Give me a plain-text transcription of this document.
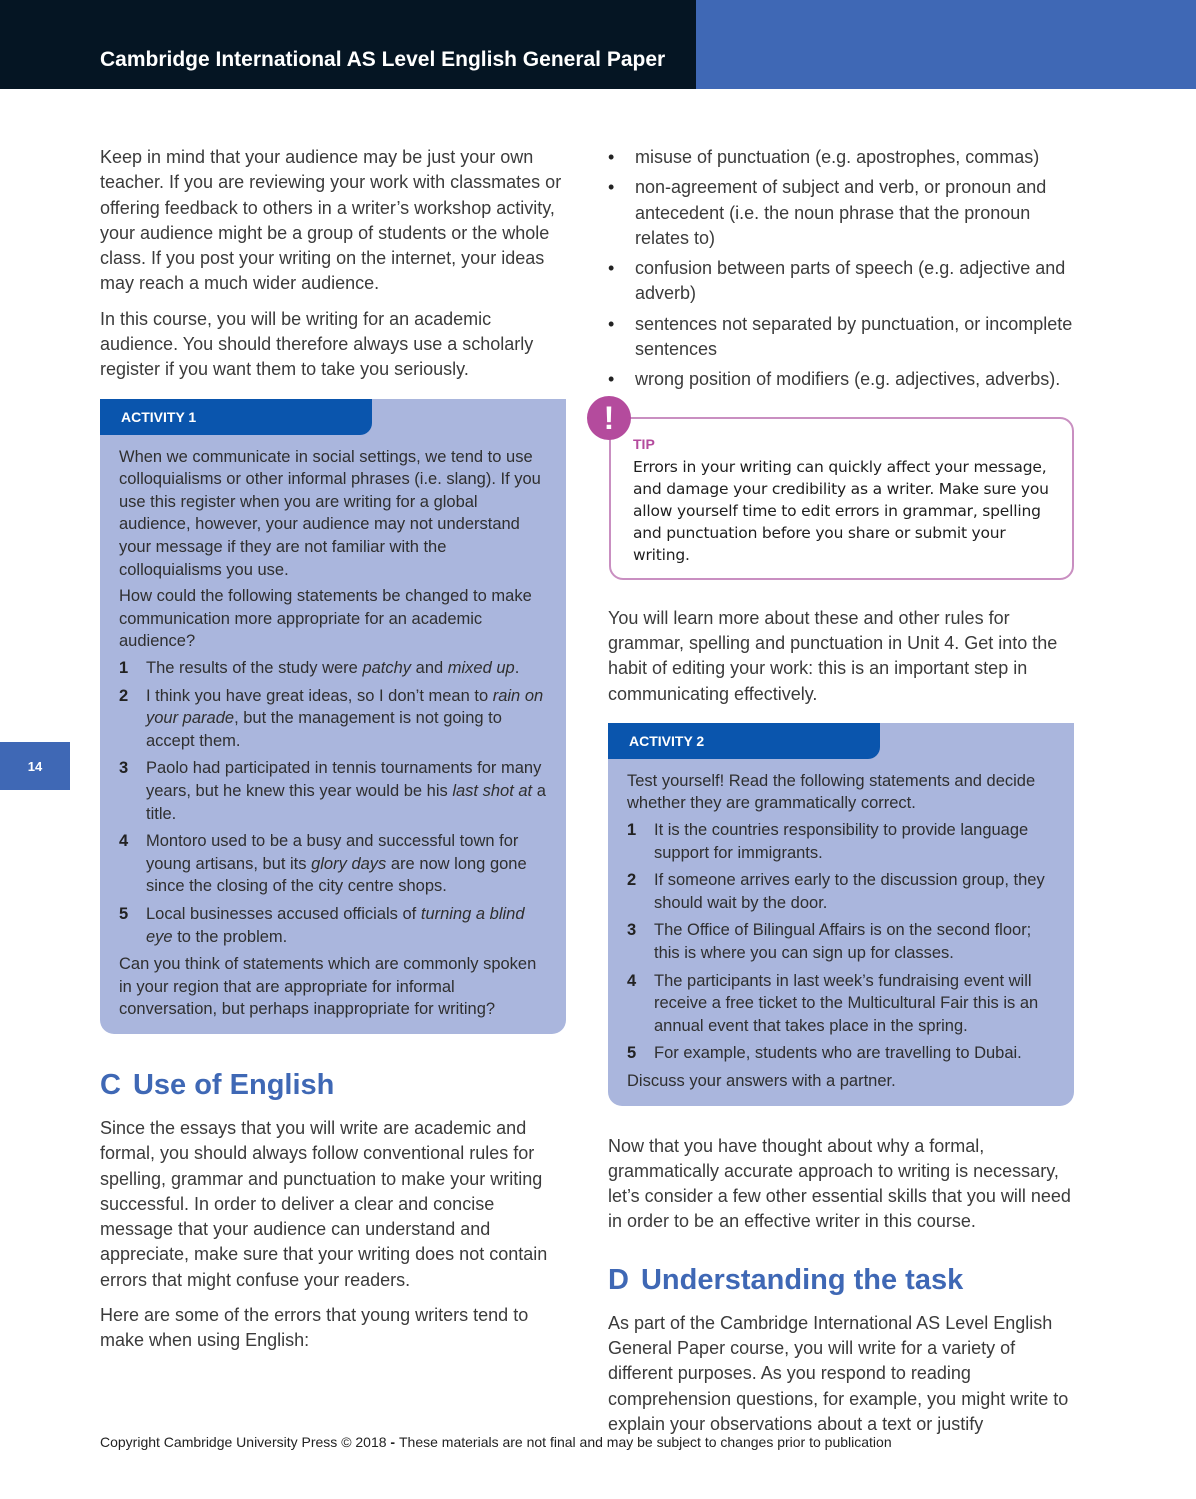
Cambridge International AS Level English General Paper
14

Keep in mind that your audience may be just your own teacher. If you are reviewing your work with classmates or offering feedback to others in a writer’s workshop activity, your audience might be a group of students or the whole class. If you post your writing on the internet, your ideas may reach a much wider audience.

In this course, you will be writing for an academic audience. You should therefore always use a scholarly register if you want them to take you seriously.

ACTIVITY 1

When we communicate in social settings, we tend to use colloquialisms or other informal phrases (i.e. slang). If you use this register when you are writing for a global audience, however, your audience may not understand your message if they are not familiar with the colloquialisms you use.

How could the following statements be changed to make communication more appropriate for an academic audience?

1 The results of the study were patchy and mixed up.
2 I think you have great ideas, so I don’t mean to rain on your parade, but the management is not going to accept them.
3 Paolo had participated in tennis tournaments for many years, but he knew this year would be his last shot at a title.
4 Montoro used to be a busy and successful town for young artisans, but its glory days are now long gone since the closing of the city centre shops.
5 Local businesses accused officials of turning a blind eye to the problem.

Can you think of statements which are commonly spoken in your region that are appropriate for informal conversation, but perhaps inappropriate for writing?

C Use of English

Since the essays that you will write are academic and formal, you should always follow conventional rules for spelling, grammar and punctuation to make your writing successful. In order to deliver a clear and concise message that your audience can understand and appreciate, make sure that your writing does not contain errors that might confuse your readers.

Here are some of the errors that young writers tend to make when using English:

• misuse of punctuation (e.g. apostrophes, commas)
• non-agreement of subject and verb, or pronoun and antecedent (i.e. the noun phrase that the pronoun relates to)
• confusion between parts of speech (e.g. adjective and adverb)
• sentences not separated by punctuation, or incomplete sentences
• wrong position of modifiers (e.g. adjectives, adverbs).

TIP

Errors in your writing can quickly affect your message, and damage your credibility as a writer. Make sure you allow yourself time to edit errors in grammar, spelling and punctuation before you share or submit your writing.

!

You will learn more about these and other rules for grammar, spelling and punctuation in Unit 4. Get into the habit of editing your work: this is an important step in communicating effectively.

ACTIVITY 2

Test yourself! Read the following statements and decide whether they are grammatically correct.

1 It is the countries responsibility to provide language support for immigrants.
2 If someone arrives early to the discussion group, they should wait by the door.
3 The Office of Bilingual Affairs is on the second floor; this is where you can sign up for classes.
4 The participants in last week’s fundraising event will receive a free ticket to the Multicultural Fair this is an annual event that takes place in the spring.
5 For example, students who are travelling to Dubai.

Discuss your answers with a partner.

Now that you have thought about why a formal, grammatically accurate approach to writing is necessary, let’s consider a few other essential skills that you will need in order to be an effective writer in this course.

D Understanding the task

As part of the Cambridge International AS Level English General Paper course, you will write for a variety of different purposes. As you respond to reading comprehension questions, for example, you might write to explain your observations about a text or justify

Copyright Cambridge University Press © 2018 - These materials are not final and may be subject to changes prior to publication
